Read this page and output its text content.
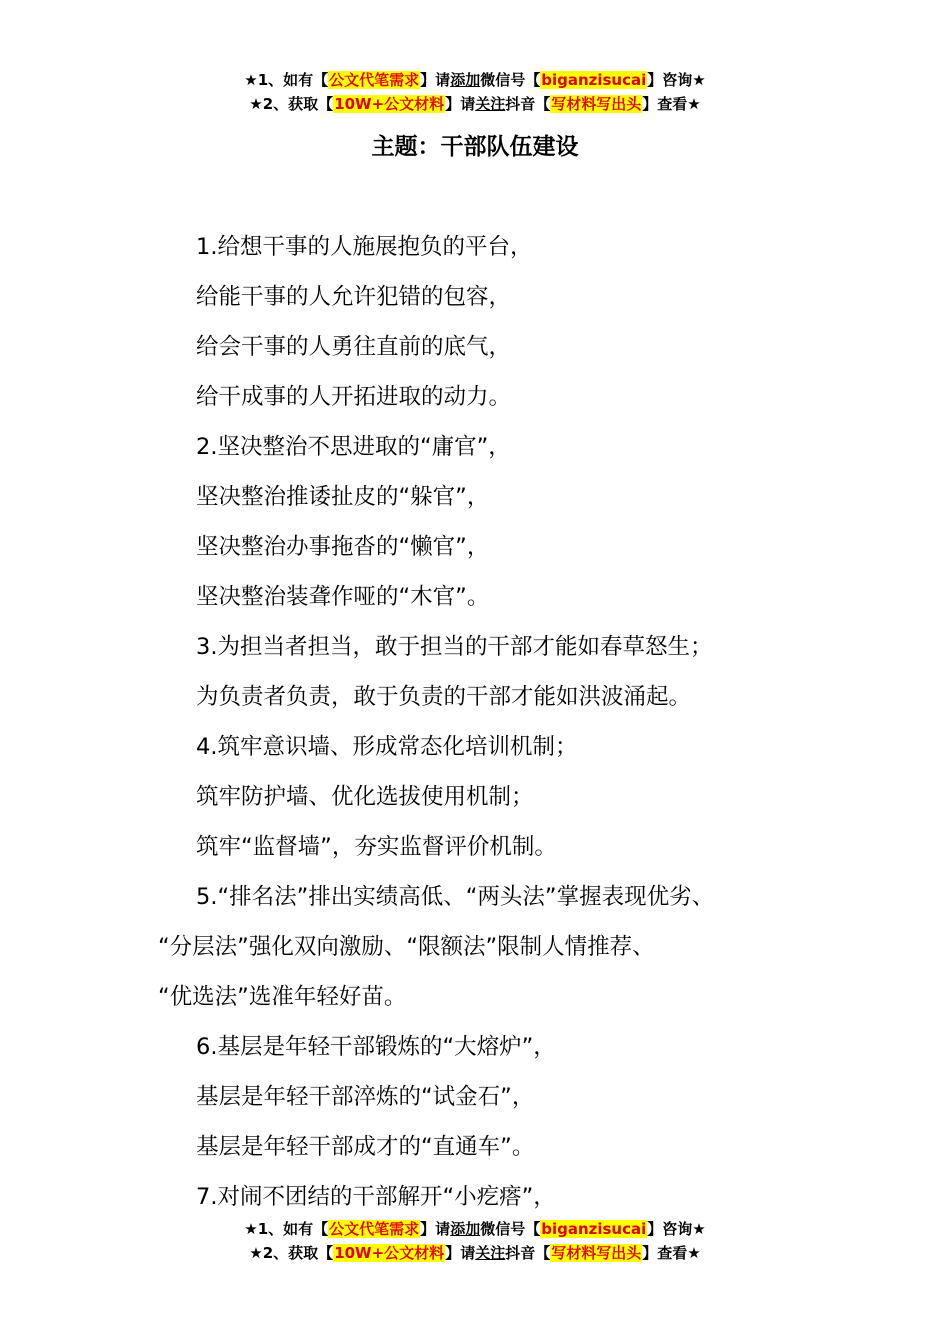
★1、如有【公文代笔需求】请添加微信号【biganzisucai】咨询★
★2、获取【10W+公文材料】请关注抖音【写材料写出头】查看★
主题：干部队伍建设
1.给想干事的人施展抱负的平台，
给能干事的人允许犯错的包容，
给会干事的人勇往直前的底气，
给干成事的人开拓进取的动力。
2.坚决整治不思进取的“庸官”，
坚决整治推诿扯皮的“躲官”，
坚决整治办事拖沓的“懒官”，
坚决整治装聋作哑的“木官”。
3.为担当者担当，敢于担当的干部才能如春草怒生；
为负责者负责，敢于负责的干部才能如洪波涌起。
4.筑牢意识墙、形成常态化培训机制；
筑牢防护墙、优化选拔使用机制；
筑牢“监督墙”，夯实监督评价机制。
5.“排名法”排出实绩高低、“两头法”掌握表现优劣、
“分层法”强化双向激励、“限额法”限制人情推荐、
“优选法”选准年轻好苗。
6.基层是年轻干部锻炼的“大熔炉”，
基层是年轻干部淬炼的“试金石”，
基层是年轻干部成才的“直通车”。
7.对闹不团结的干部解开“小疙瘩”，
★1、如有【公文代笔需求】请添加微信号【biganzisucai】咨询★
★2、获取【10W+公文材料】请关注抖音【写材料写出头】查看★
